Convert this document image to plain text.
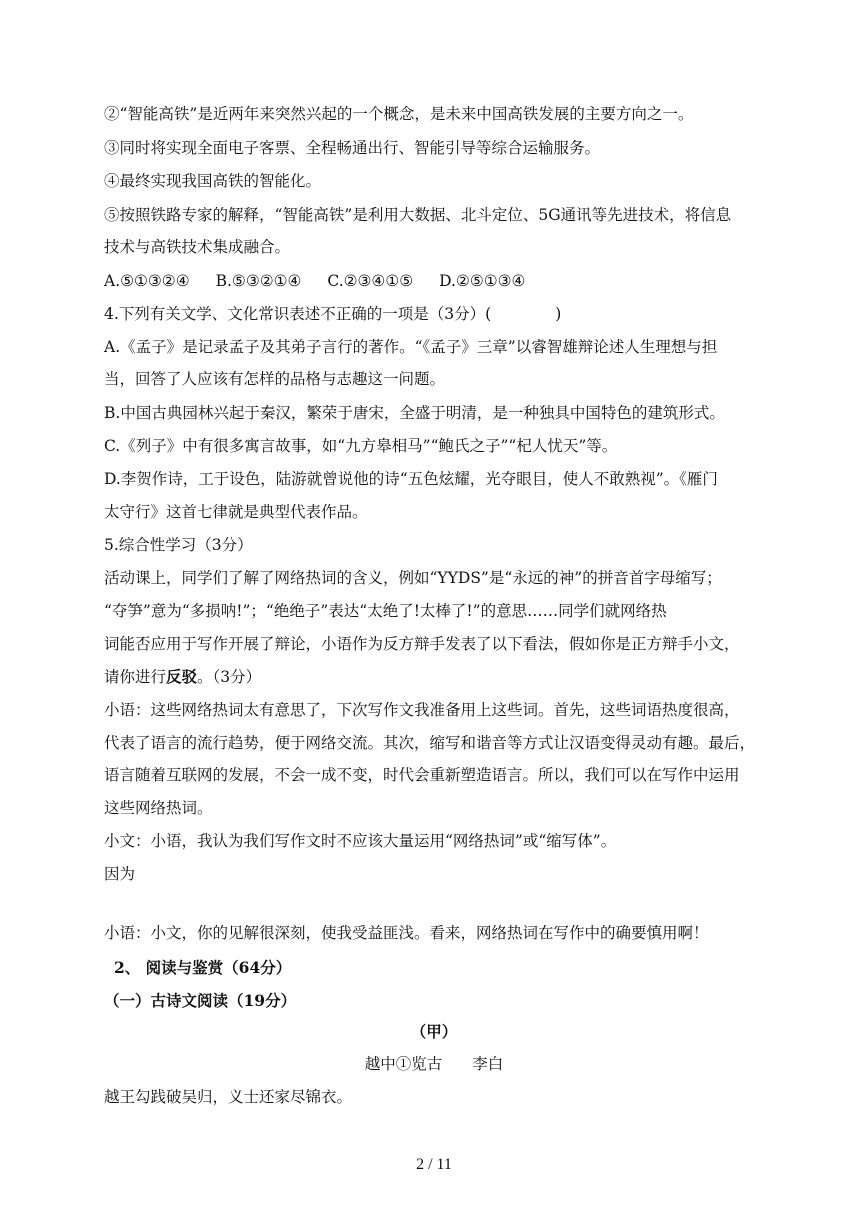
②“智能高铁”是近两年来突然兴起的一个概念，是未来中国高铁发展的主要方向之一。
③同时将实现全面电子客票、全程畅通出行、智能引导等综合运输服务。
④最终实现我国高铁的智能化。
⑤按照铁路专家的解释，“智能高铁”是利用大数据、北斗定位、5G通讯等先进技术，将信息
技术与高铁技术集成融合。
A.⑤①③②④ B.⑤③②①④ C.②③④①⑤ D.②⑤①③④
4.下列有关文学、文化常识表述不正确的一项是（3分）(	)
A.《孟子》是记录孟子及其弟子言行的著作。“《孟子》三章”以睿智雄辩论述人生理想与担
当，回答了人应该有怎样的品格与志趣这一问题。
B.中国古典园林兴起于秦汉，繁荣于唐宋，全盛于明清，是一种独具中国特色的建筑形式。
C.《列子》中有很多寓言故事，如“九方皋相马”“鲍氏之子”“杞人忧天”等。
D.李贺作诗，工于设色，陆游就曾说他的诗“五色炫耀，光夺眼目，使人不敢熟视”。《雁门
太守行》这首七律就是典型代表作品。
5.综合性学习（3分）
活动课上，同学们了解了网络热词的含义，例如“YYDS”是“永远的神”的拼音首字母缩写；
“夺笋”意为“多损呐!”；“绝绝子”表达“太绝了!太棒了!”的意思……同学们就网络热
词能否应用于写作开展了辩论，小语作为反方辩手发表了以下看法，假如你是正方辩手小文，
请你进行反驳。（3分）
小语：这些网络热词太有意思了，下次写作文我准备用上这些词。首先，这些词语热度很高，
代表了语言的流行趋势，便于网络交流。其次，缩写和谐音等方式让汉语变得灵动有趣。最后，
语言随着互联网的发展，不会一成不变，时代会重新塑造语言。所以，我们可以在写作中运用
这些网络热词。
小文：小语，我认为我们写作文时不应该大量运用“网络热词”或“缩写体”。
因为
小语：小文，你的见解很深刻，使我受益匪浅。看来，网络热词在写作中的确要慎用啊！
2、 阅读与鉴赏（64分）
（一）古诗文阅读（19分）
（甲）
越中①览古 李白
越王勾践破吴归，义士还家尽锦衣。
2 / 11
